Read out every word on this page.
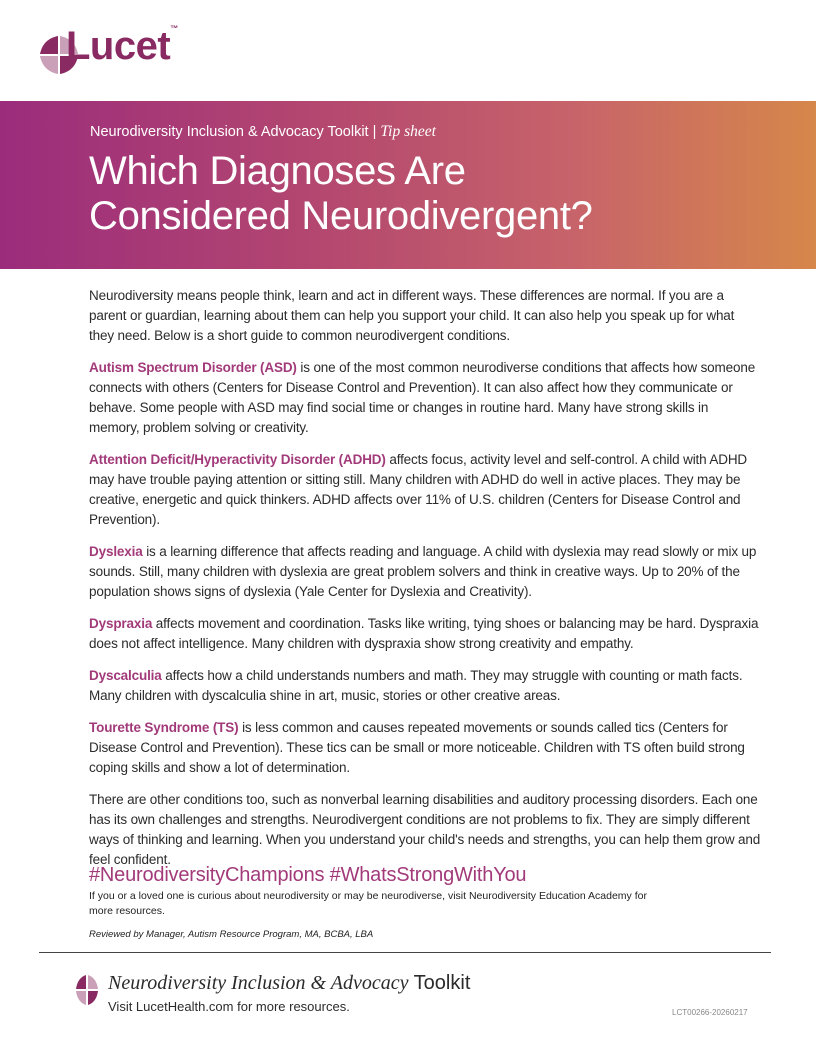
Lucet™
Neurodiversity Inclusion & Advocacy Toolkit | Tip sheet
Which Diagnoses Are
Considered Neurodivergent?

Neurodiversity means people think, learn and act in different ways. These differences are normal. If you are a parent or guardian, learning about them can help you support your child. It can also help you speak up for what they need. Below is a short guide to common neurodivergent conditions.

Autism Spectrum Disorder (ASD) is one of the most common neurodiverse conditions that affects how someone connects with others (Centers for Disease Control and Prevention). It can also affect how they communicate or behave. Some people with ASD may find social time or changes in routine hard. Many have strong skills in memory, problem solving or creativity.

Attention Deficit/Hyperactivity Disorder (ADHD) affects focus, activity level and self-control. A child with ADHD may have trouble paying attention or sitting still. Many children with ADHD do well in active places. They may be creative, energetic and quick thinkers. ADHD affects over 11% of U.S. children (Centers for Disease Control and Prevention).

Dyslexia is a learning difference that affects reading and language. A child with dyslexia may read slowly or mix up sounds. Still, many children with dyslexia are great problem solvers and think in creative ways. Up to 20% of the population shows signs of dyslexia (Yale Center for Dyslexia and Creativity).

Dyspraxia affects movement and coordination. Tasks like writing, tying shoes or balancing may be hard. Dyspraxia does not affect intelligence. Many children with dyspraxia show strong creativity and empathy.

Dyscalculia affects how a child understands numbers and math. They may struggle with counting or math facts. Many children with dyscalculia shine in art, music, stories or other creative areas.

Tourette Syndrome (TS) is less common and causes repeated movements or sounds called tics (Centers for Disease Control and Prevention). These tics can be small or more noticeable. Children with TS often build strong coping skills and show a lot of determination.

There are other conditions too, such as nonverbal learning disabilities and auditory processing disorders. Each one has its own challenges and strengths. Neurodivergent conditions are not problems to fix. They are simply different ways of thinking and learning. When you understand your child's needs and strengths, you can help them grow and feel confident.

#NeurodiversityChampions #WhatsStrongWithYou
If you or a loved one is curious about neurodiversity or may be neurodiverse, visit Neurodiversity Education Academy for more resources.
Reviewed by Manager, Autism Resource Program, MA, BCBA, LBA
Neurodiversity Inclusion & Advocacy Toolkit
Visit LucetHealth.com for more resources.	LCT00266-20260217
